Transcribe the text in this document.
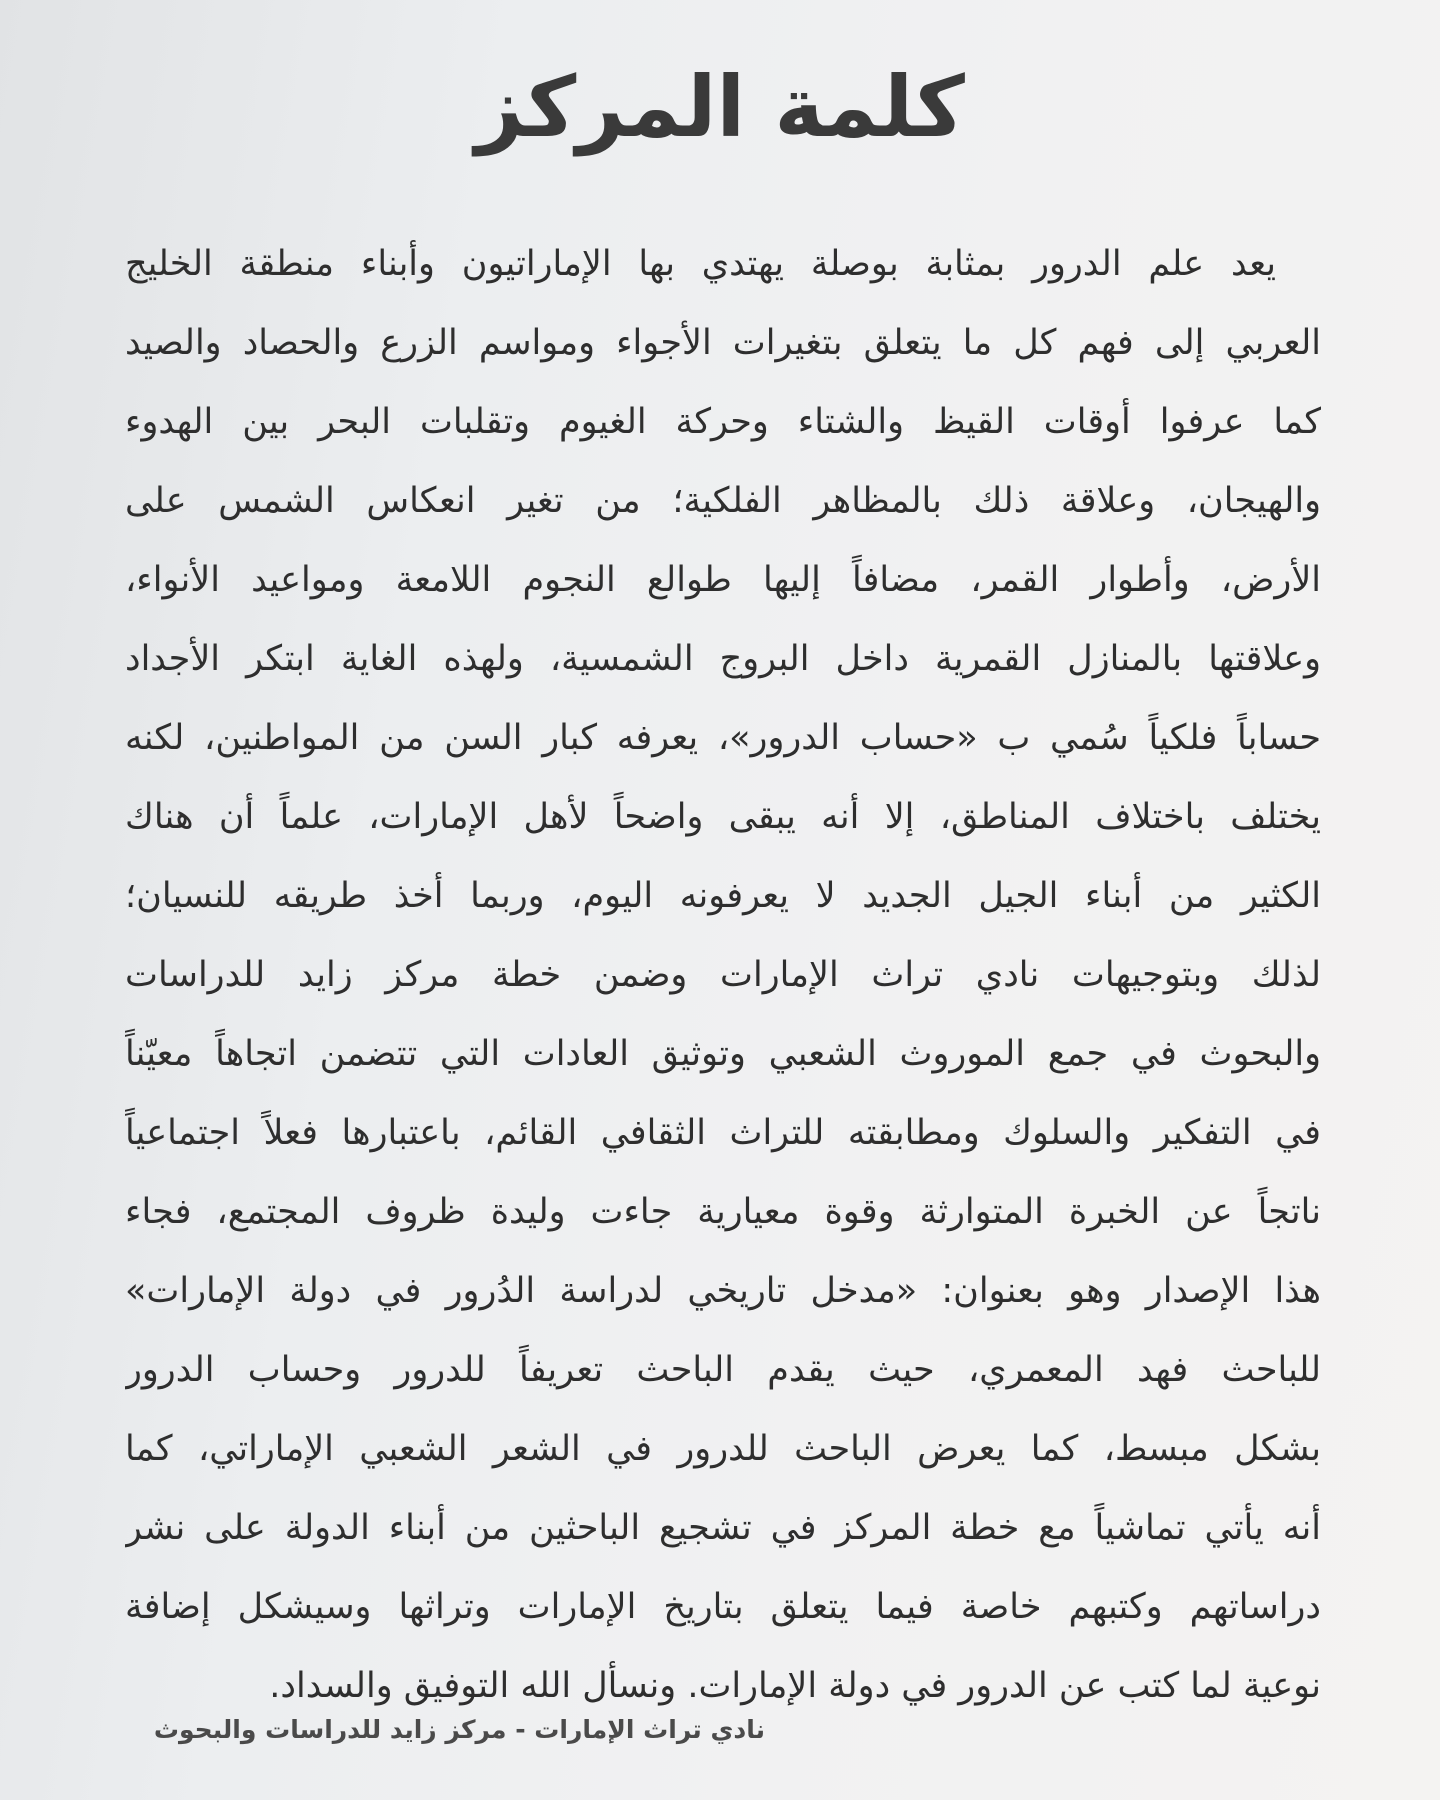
كلمة المركز
يعد علم الدرور بمثابة بوصلة يهتدي بها الإماراتيون وأبناء منطقة الخليج
العربي إلى فهم كل ما يتعلق بتغيرات الأجواء ومواسم الزرع والحصاد والصيد
كما عرفوا أوقات القيظ والشتاء وحركة الغيوم وتقلبات البحر بين الهدوء
والهيجان، وعلاقة ذلك بالمظاهر الفلكية؛ من تغير انعكاس الشمس على
الأرض، وأطوار القمر، مضافاً إليها طوالع النجوم اللامعة ومواعيد الأنواء،
وعلاقتها بالمنازل القمرية داخل البروج الشمسية، ولهذه الغاية ابتكر الأجداد
حساباً فلكياً سُمي ب «حساب الدرور»، يعرفه كبار السن من المواطنين، لكنه
يختلف باختلاف المناطق، إلا أنه يبقى واضحاً لأهل الإمارات، علماً أن هناك
الكثير من أبناء الجيل الجديد لا يعرفونه اليوم، وربما أخذ طريقه للنسيان؛
لذلك وبتوجيهات نادي تراث الإمارات وضمن خطة مركز زايد للدراسات
والبحوث في جمع الموروث الشعبي وتوثيق العادات التي تتضمن اتجاهاً معيّناً
في التفكير والسلوك ومطابقته للتراث الثقافي القائم، باعتبارها فعلاً اجتماعياً
ناتجاً عن الخبرة المتوارثة وقوة معيارية جاءت وليدة ظروف المجتمع، فجاء
هذا الإصدار وهو بعنوان: «مدخل تاريخي لدراسة الدُرور في دولة الإمارات»
للباحث فهد المعمري، حيث يقدم الباحث تعريفاً للدرور وحساب الدرور
بشكل مبسط، كما يعرض الباحث للدرور في الشعر الشعبي الإماراتي، كما
أنه يأتي تماشياً مع خطة المركز في تشجيع الباحثين من أبناء الدولة على نشر
دراساتهم وكتبهم خاصة فيما يتعلق بتاريخ الإمارات وتراثها وسيشكل إضافة
نوعية لما كتب عن الدرور في دولة الإمارات. ونسأل الله التوفيق والسداد.
نادي تراث الإمارات - مركز زايد للدراسات والبحوث
